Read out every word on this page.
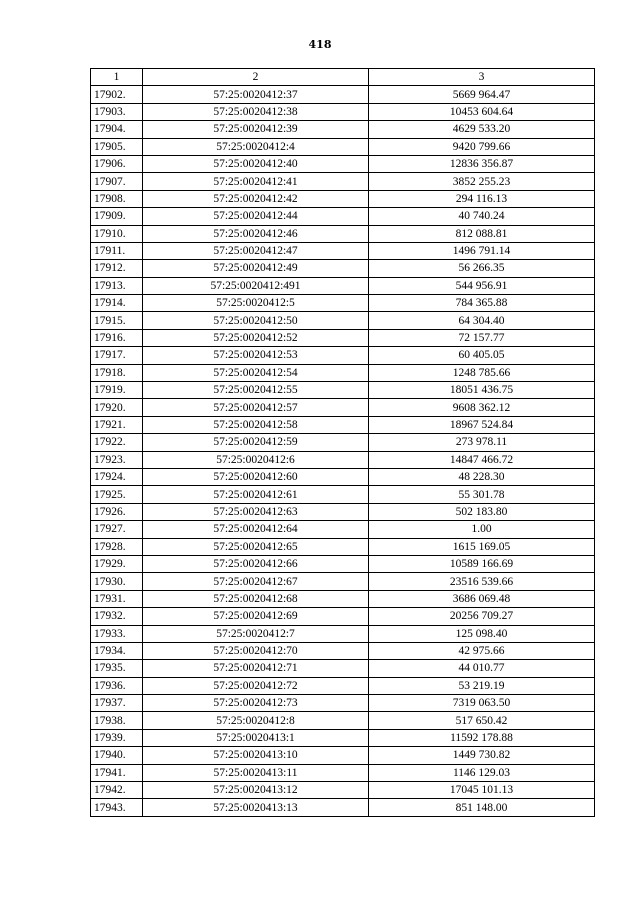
418
1	2	3
17902.	57:25:0020412:37	5669 964.47
17903.	57:25:0020412:38	10453 604.64
17904.	57:25:0020412:39	4629 533.20
17905.	57:25:0020412:4	9420 799.66
17906.	57:25:0020412:40	12836 356.87
17907.	57:25:0020412:41	3852 255.23
17908.	57:25:0020412:42	294 116.13
17909.	57:25:0020412:44	40 740.24
17910.	57:25:0020412:46	812 088.81
17911.	57:25:0020412:47	1496 791.14
17912.	57:25:0020412:49	56 266.35
17913.	57:25:0020412:491	544 956.91
17914.	57:25:0020412:5	784 365.88
17915.	57:25:0020412:50	64 304.40
17916.	57:25:0020412:52	72 157.77
17917.	57:25:0020412:53	60 405.05
17918.	57:25:0020412:54	1248 785.66
17919.	57:25:0020412:55	18051 436.75
17920.	57:25:0020412:57	9608 362.12
17921.	57:25:0020412:58	18967 524.84
17922.	57:25:0020412:59	273 978.11
17923.	57:25:0020412:6	14847 466.72
17924.	57:25:0020412:60	48 228.30
17925.	57:25:0020412:61	55 301.78
17926.	57:25:0020412:63	502 183.80
17927.	57:25:0020412:64	1.00
17928.	57:25:0020412:65	1615 169.05
17929.	57:25:0020412:66	10589 166.69
17930.	57:25:0020412:67	23516 539.66
17931.	57:25:0020412:68	3686 069.48
17932.	57:25:0020412:69	20256 709.27
17933.	57:25:0020412:7	125 098.40
17934.	57:25:0020412:70	42 975.66
17935.	57:25:0020412:71	44 010.77
17936.	57:25:0020412:72	53 219.19
17937.	57:25:0020412:73	7319 063.50
17938.	57:25:0020412:8	517 650.42
17939.	57:25:0020413:1	11592 178.88
17940.	57:25:0020413:10	1449 730.82
17941.	57:25:0020413:11	1146 129.03
17942.	57:25:0020413:12	17045 101.13
17943.	57:25:0020413:13	851 148.00
